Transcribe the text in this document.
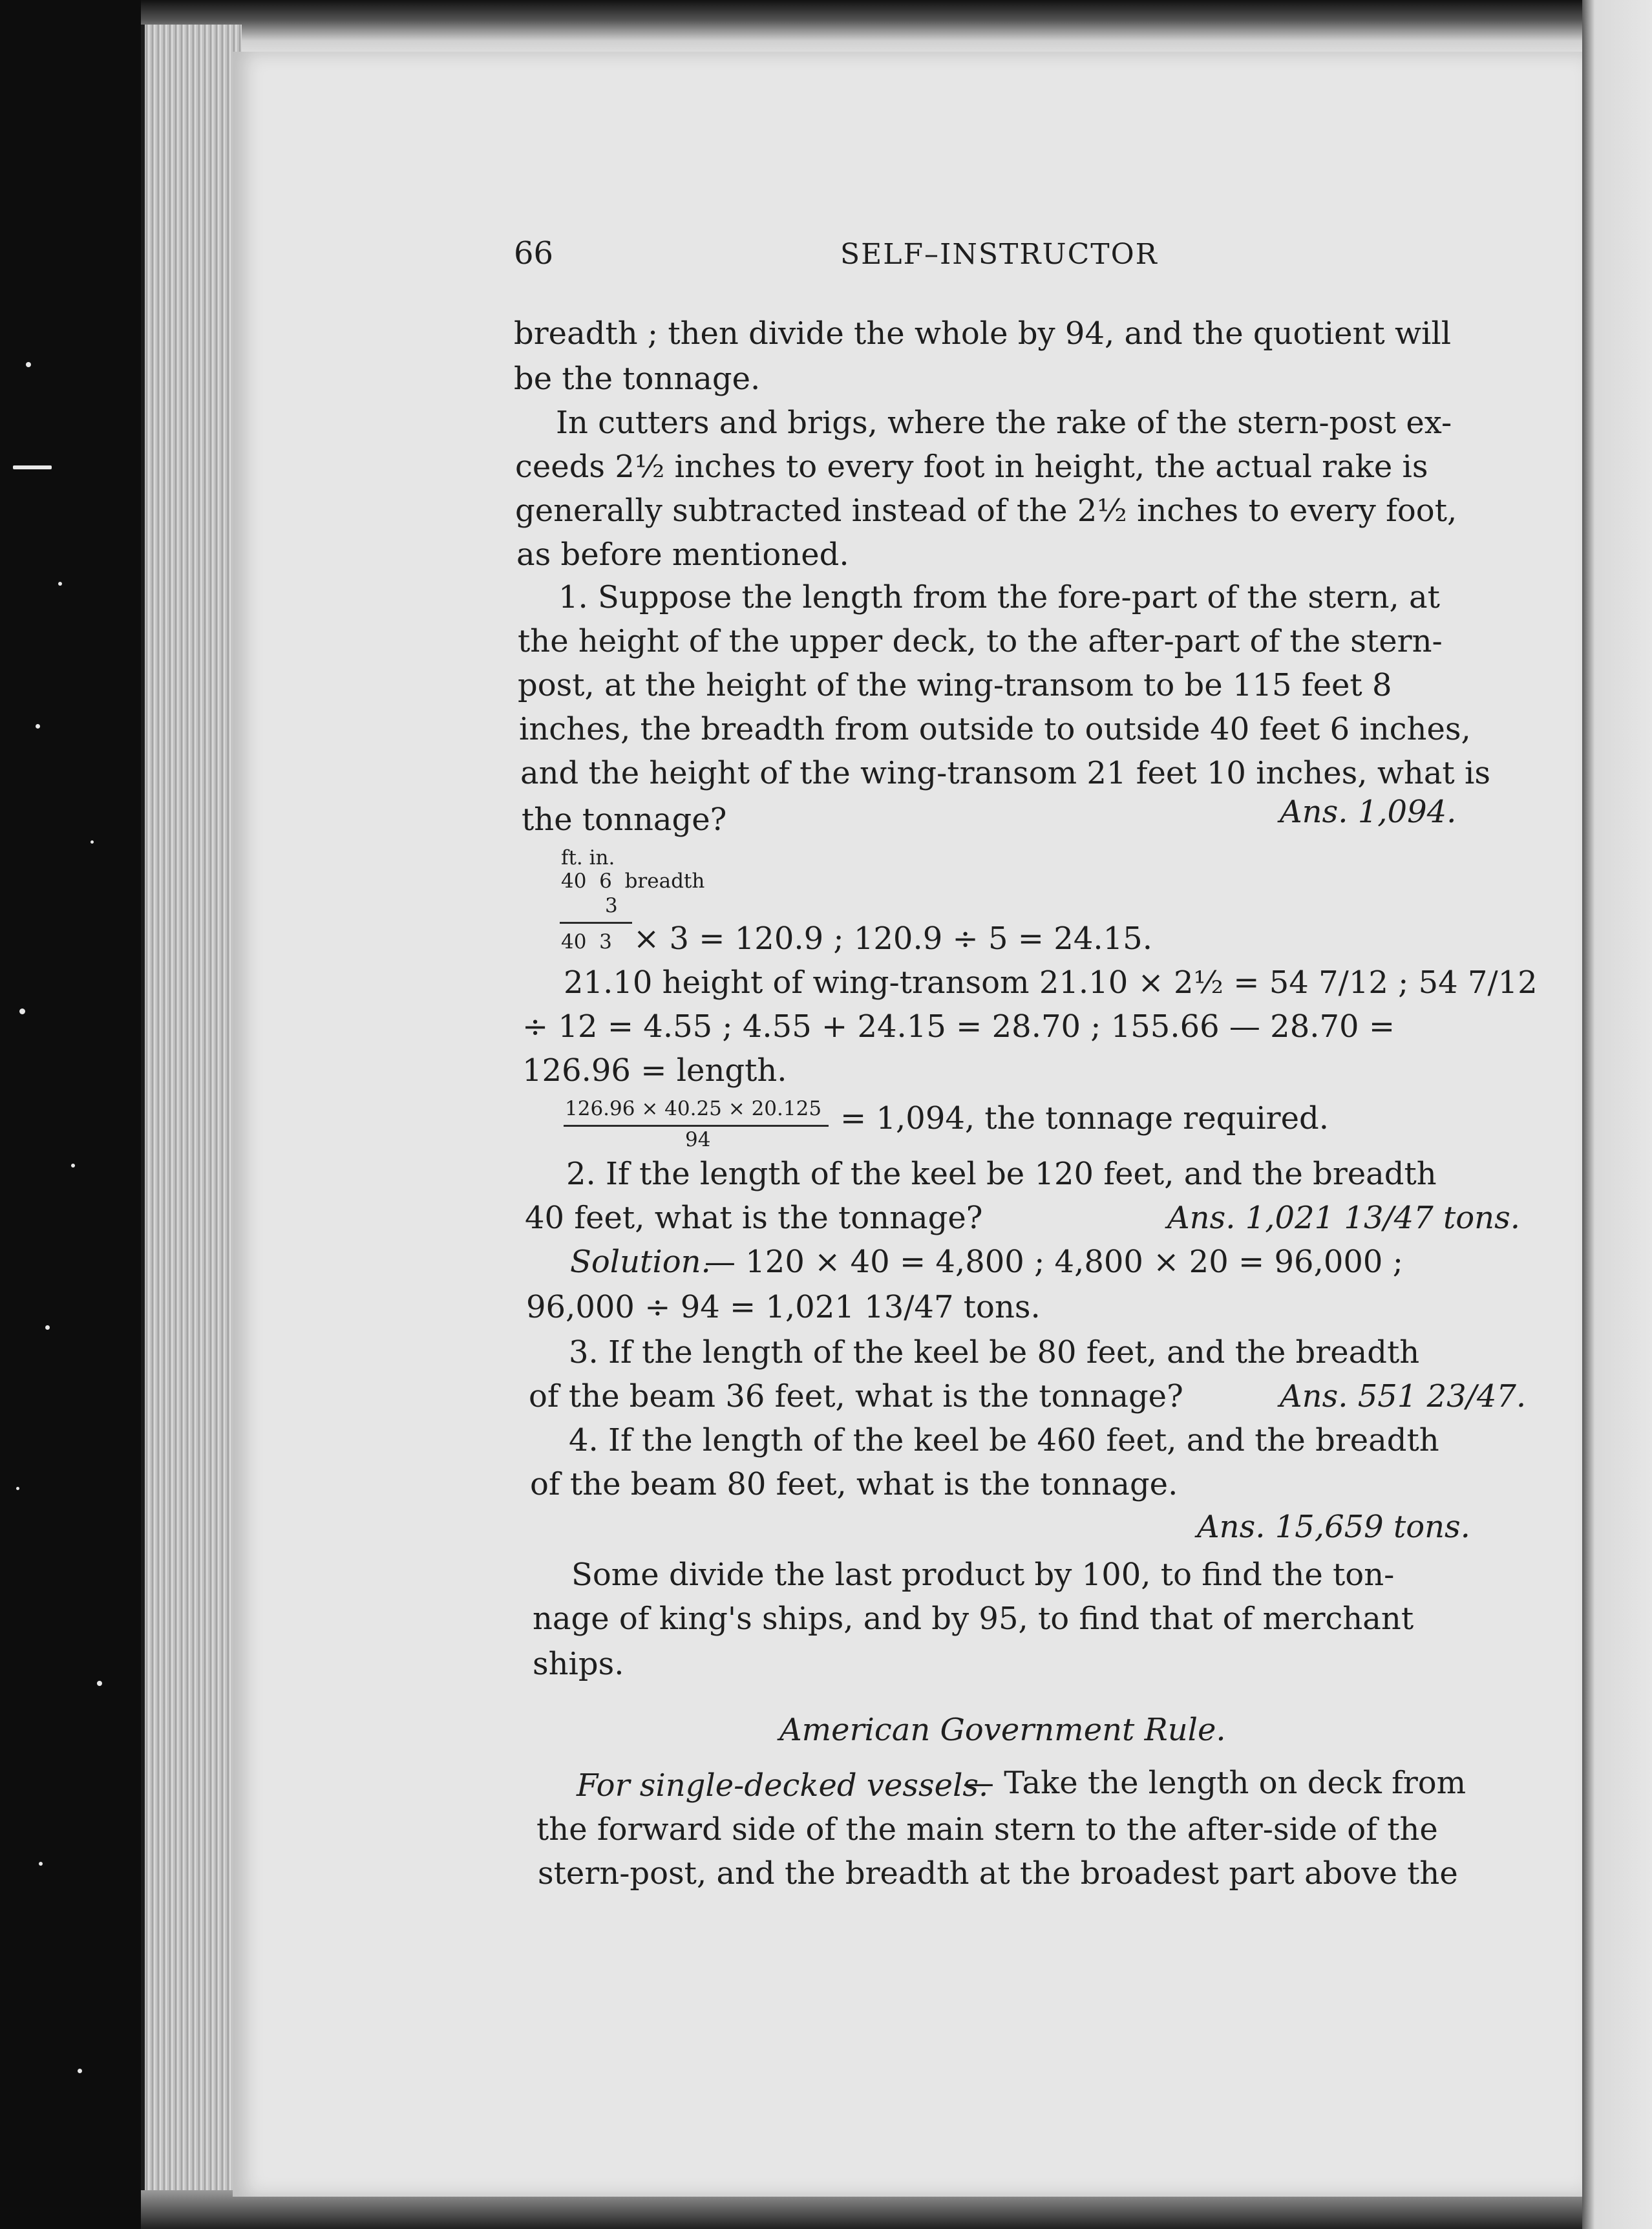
66	SELF–INSTRUCTOR
breadth ; then divide the whole by 94, and the quotient will
be the tonnage.
In cutters and brigs, where the rake of the stern-post ex-
ceeds 2½ inches to every foot in height, the actual rake is
generally subtracted instead of the 2½ inches to every foot,
as before mentioned.
1. Suppose the length from the fore-part of the stern, at
the height of the upper deck, to the after-part of the stern-
post, at the height of the wing-transom to be 115 feet 8
inches, the breadth from outside to outside 40 feet 6 inches,
and the height of the wing-transom 21 feet 10 inches, what is
the tonnage?	Ans. 1,094.
ft. in.
40  6  breadth
3
40  3 × 3 = 120.9 ; 120.9 ÷ 5 = 24.15.
21.10 height of wing-transom 21.10 × 2½ = 54 7/12 ; 54 7/12
÷ 12 = 4.55 ; 4.55 + 24.15 = 28.70 ; 155.66 — 28.70 =
126.96 = length.
126.96 × 40.25 × 20.125
94
= 1,094, the tonnage required.
2. If the length of the keel be 120 feet, and the breadth
40 feet, what is the tonnage?	Ans. 1,021 13/47 tons.
Solution.
— 120 × 40 = 4,800 ; 4,800 × 20 = 96,000 ;
96,000 ÷ 94 = 1,021 13/47 tons.
3. If the length of the keel be 80 feet, and the breadth
of the beam 36 feet, what is the tonnage?	Ans. 551 23/47.
4. If the length of the keel be 460 feet, and the breadth
of the beam 80 feet, what is the tonnage.
Ans. 15,659 tons.
Some divide the last product by 100, to find the ton-
nage of king's ships, and by 95, to find that of merchant
ships.
American Government Rule.
For single-decked vessels.
— Take the length on deck from
the forward side of the main stern to the after-side of the
stern-post, and the breadth at the broadest part above the
